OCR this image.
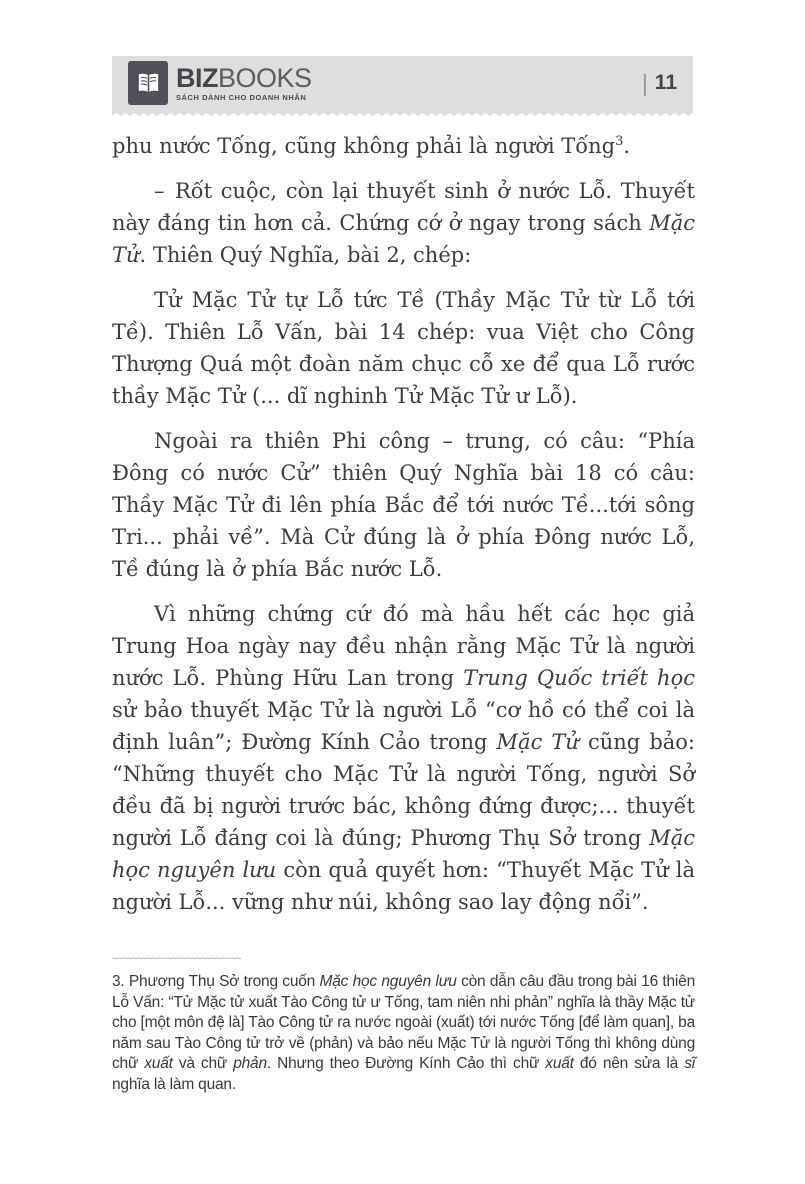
BIZBOOKS
SÁCH DÀNH CHO DOANH NHÂN
| 11

phu nước Tống, cũng không phải là người Tống$^3$.

– Rốt cuộc, còn lại thuyết sinh ở nước Lỗ. Thuyết này đáng tin hơn cả. Chứng cớ ở ngay trong sách Mặc Tử. Thiên Quý Nghĩa, bài 2, chép:

Tử Mặc Tử tự Lỗ tức Tề (Thầy Mặc Tử từ Lỗ tới Tề). Thiên Lỗ Vấn, bài 14 chép: vua Việt cho Công Thượng Quá một đoàn năm chục cỗ xe để qua Lỗ rước thầy Mặc Tử (... dĩ nghinh Tử Mặc Tử ư Lỗ).

Ngoài ra thiên Phi công – trung, có câu: “Phía Đông có nước Cử” thiên Quý Nghĩa bài 18 có câu: Thầy Mặc Tử đi lên phía Bắc để tới nước Tề...tới sông Tri... phải về”. Mà Cử đúng là ở phía Đông nước Lỗ, Tề đúng là ở phía Bắc nước Lỗ.

Vì những chứng cứ đó mà hầu hết các học giả Trung Hoa ngày nay đều nhận rằng Mặc Tử là người nước Lỗ. Phùng Hữu Lan trong Trung Quốc triết học sử bảo thuyết Mặc Tử là người Lỗ “cơ hồ có thể coi là định luân”; Đường Kính Cảo trong Mặc Tử cũng bảo: “Những thuyết cho Mặc Tử là người Tống, người Sở đều đã bị người trước bác, không đứng được;... thuyết người Lỗ đáng coi là đúng; Phương Thụ Sở trong Mặc học nguyên lưu còn quả quyết hơn: “Thuyết Mặc Tử là người Lỗ... vững như núi, không sao lay động nổi”.

~~~~~~~~~~~~~~~~~~~~~~~~~~

3. Phương Thụ Sở trong cuốn Mặc học nguyên lưu còn dẫn câu đầu trong bài 16 thiên Lỗ Vấn: “Tử Mặc tử xuất Tào Công tử ư Tống, tam niên nhi phản” nghĩa là thầy Mặc tử cho [một môn đệ là] Tào Công tử ra nước ngoài (xuất) tới nước Tống [để làm quan], ba năm sau Tào Công tử trở về (phản) và bảo nếu Mặc Tử là người Tống thì không dùng chữ xuất và chữ phản. Nhưng theo Đường Kính Cảo thì chữ xuất đó nên sửa là sĩ nghĩa là làm quan.
